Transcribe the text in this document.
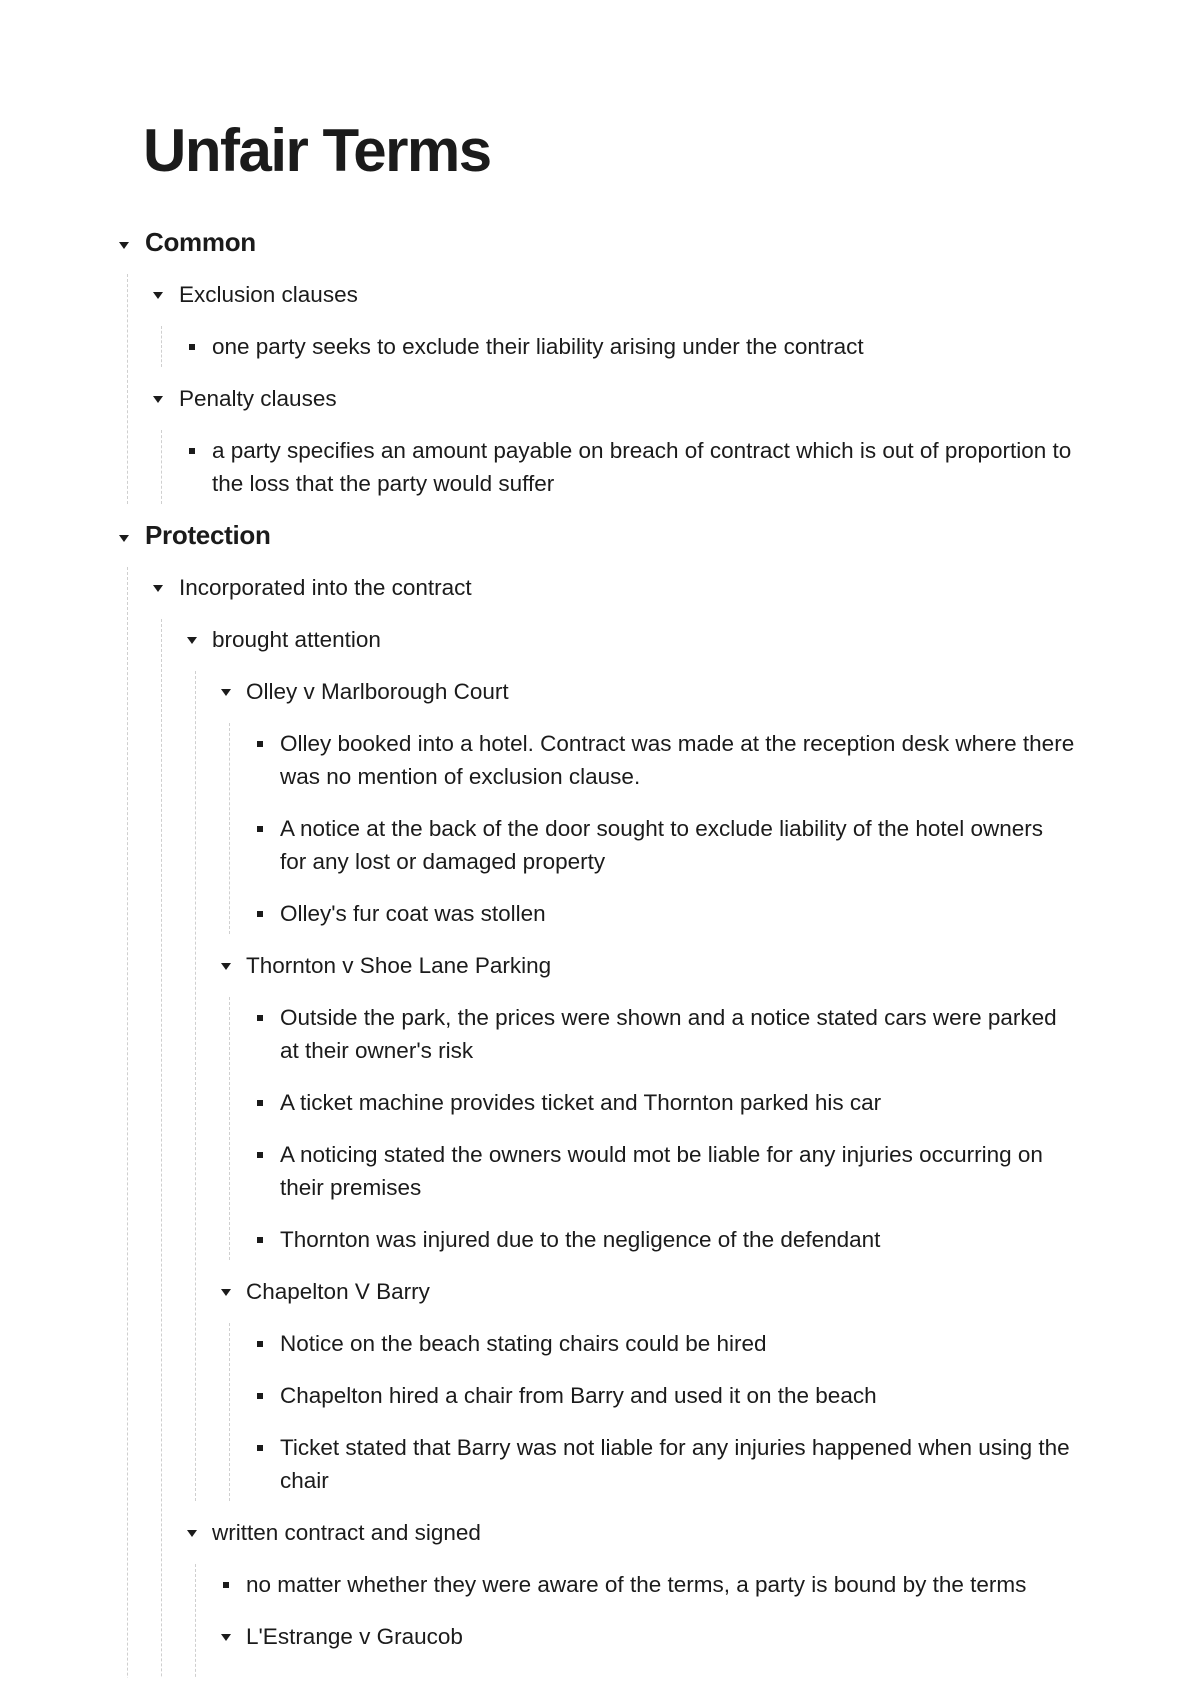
Unfair Terms
Common
Exclusion clauses
one party seeks to exclude their liability arising under the contract
Penalty clauses
a party specifies an amount payable on breach of contract which is out of proportion to the loss that the party would suffer
Protection
Incorporated into the contract
brought attention
Olley v Marlborough Court
Olley booked into a hotel. Contract was made at the reception desk where there was no mention of exclusion clause.
A notice at the back of the door sought to exclude liability of the hotel owners for any lost or damaged property
Olley's fur coat was stollen
Thornton v Shoe Lane Parking
Outside the park, the prices were shown and a notice stated cars were parked at their owner's risk
A ticket machine provides ticket and Thornton parked his car
A noticing stated the owners would mot be liable for any injuries occurring on their premises
Thornton was injured due to the negligence of the defendant
Chapelton V Barry
Notice on the beach stating chairs could be hired
Chapelton hired a chair from Barry and used it on the beach
Ticket stated that Barry was not liable for any injuries happened when using the chair
written contract and signed
no matter whether they were aware of the terms, a party is bound by the terms
L'Estrange v Graucob
